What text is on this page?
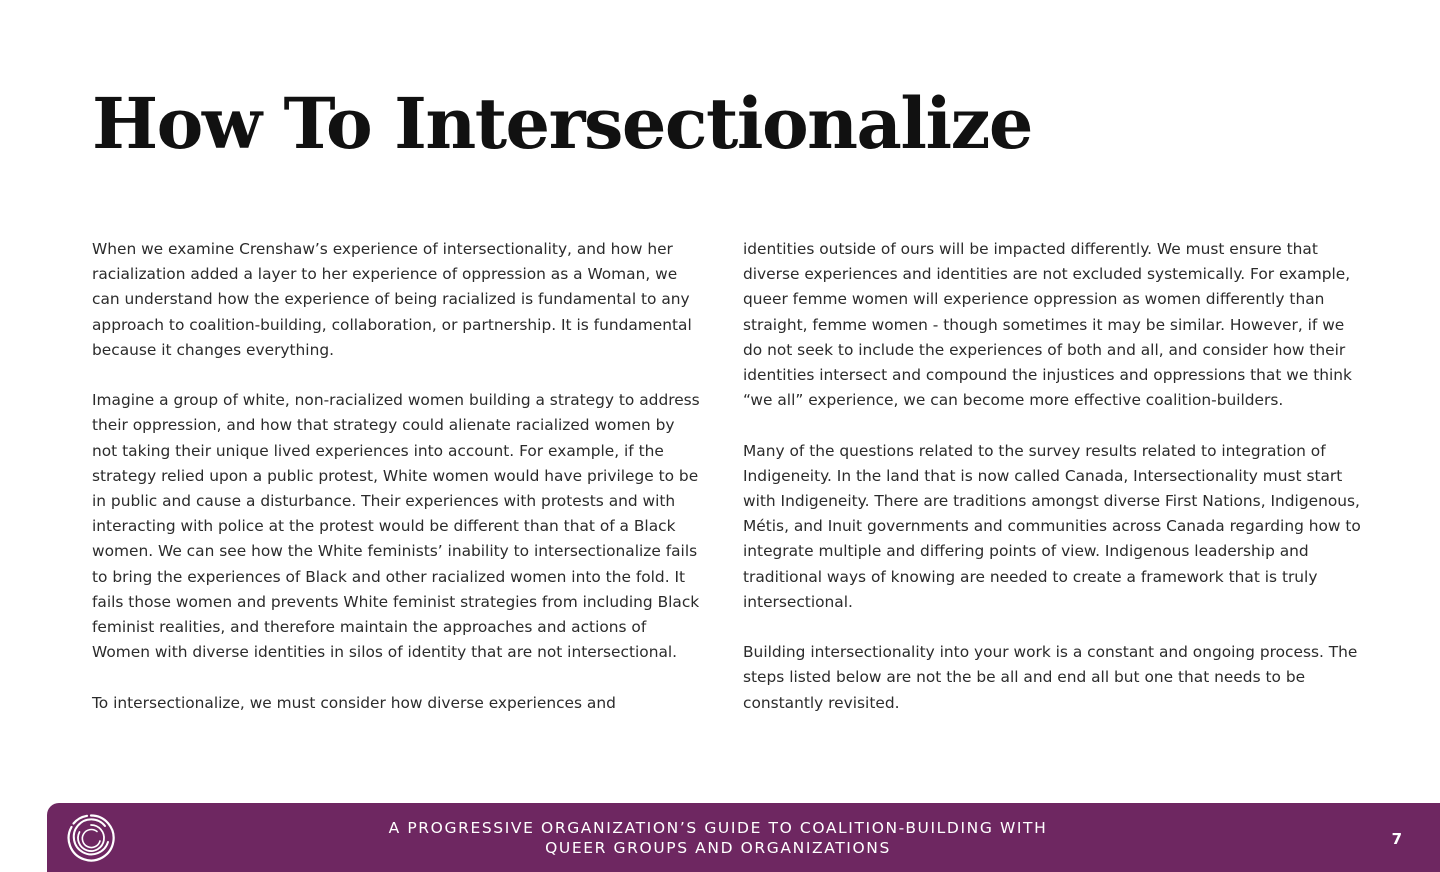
How To Intersectionalize

When we examine Crenshaw’s experience of intersectionality, and how her racialization added a layer to her experience of oppression as a Woman, we can understand how the experience of being racialized is fundamental to any approach to coalition-building, collaboration, or partnership. It is fundamental because it changes everything.

Imagine a group of white, non-racialized women building a strategy to address their oppression, and how that strategy could alienate racialized women by not taking their unique lived experiences into account. For example, if the strategy relied upon a public protest, White women would have privilege to be in public and cause a disturbance. Their experiences with protests and with interacting with police at the protest would be different than that of a Black women. We can see how the White feminists’ inability to intersectionalize fails to bring the experiences of Black and other racialized women into the fold. It fails those women and prevents White feminist strategies from including Black feminist realities, and therefore maintain the approaches and actions of Women with diverse identities in silos of identity that are not intersectional.

To intersectionalize, we must consider how diverse experiences and

identities outside of ours will be impacted differently. We must ensure that diverse experiences and identities are not excluded systemically. For example, queer femme women will experience oppression as women differently than straight, femme women - though sometimes it may be similar. However, if we do not seek to include the experiences of both and all, and consider how their identities intersect and compound the injustices and oppressions that we think “we all” experience, we can become more effective coalition-builders.

Many of the questions related to the survey results related to integration of Indigeneity. In the land that is now called Canada, Intersectionality must start with Indigeneity. There are traditions amongst diverse First Nations, Indigenous, Métis, and Inuit governments and communities across Canada regarding how to integrate multiple and differing points of view. Indigenous leadership and traditional ways of knowing are needed to create a framework that is truly intersectional.

Building intersectionality into your work is a constant and ongoing process. The steps listed below are not the be all and end all but one that needs to be constantly revisited.

A PROGRESSIVE ORGANIZATION’S GUIDE TO COALITION-BUILDING WITH
QUEER GROUPS AND ORGANIZATIONS	7
